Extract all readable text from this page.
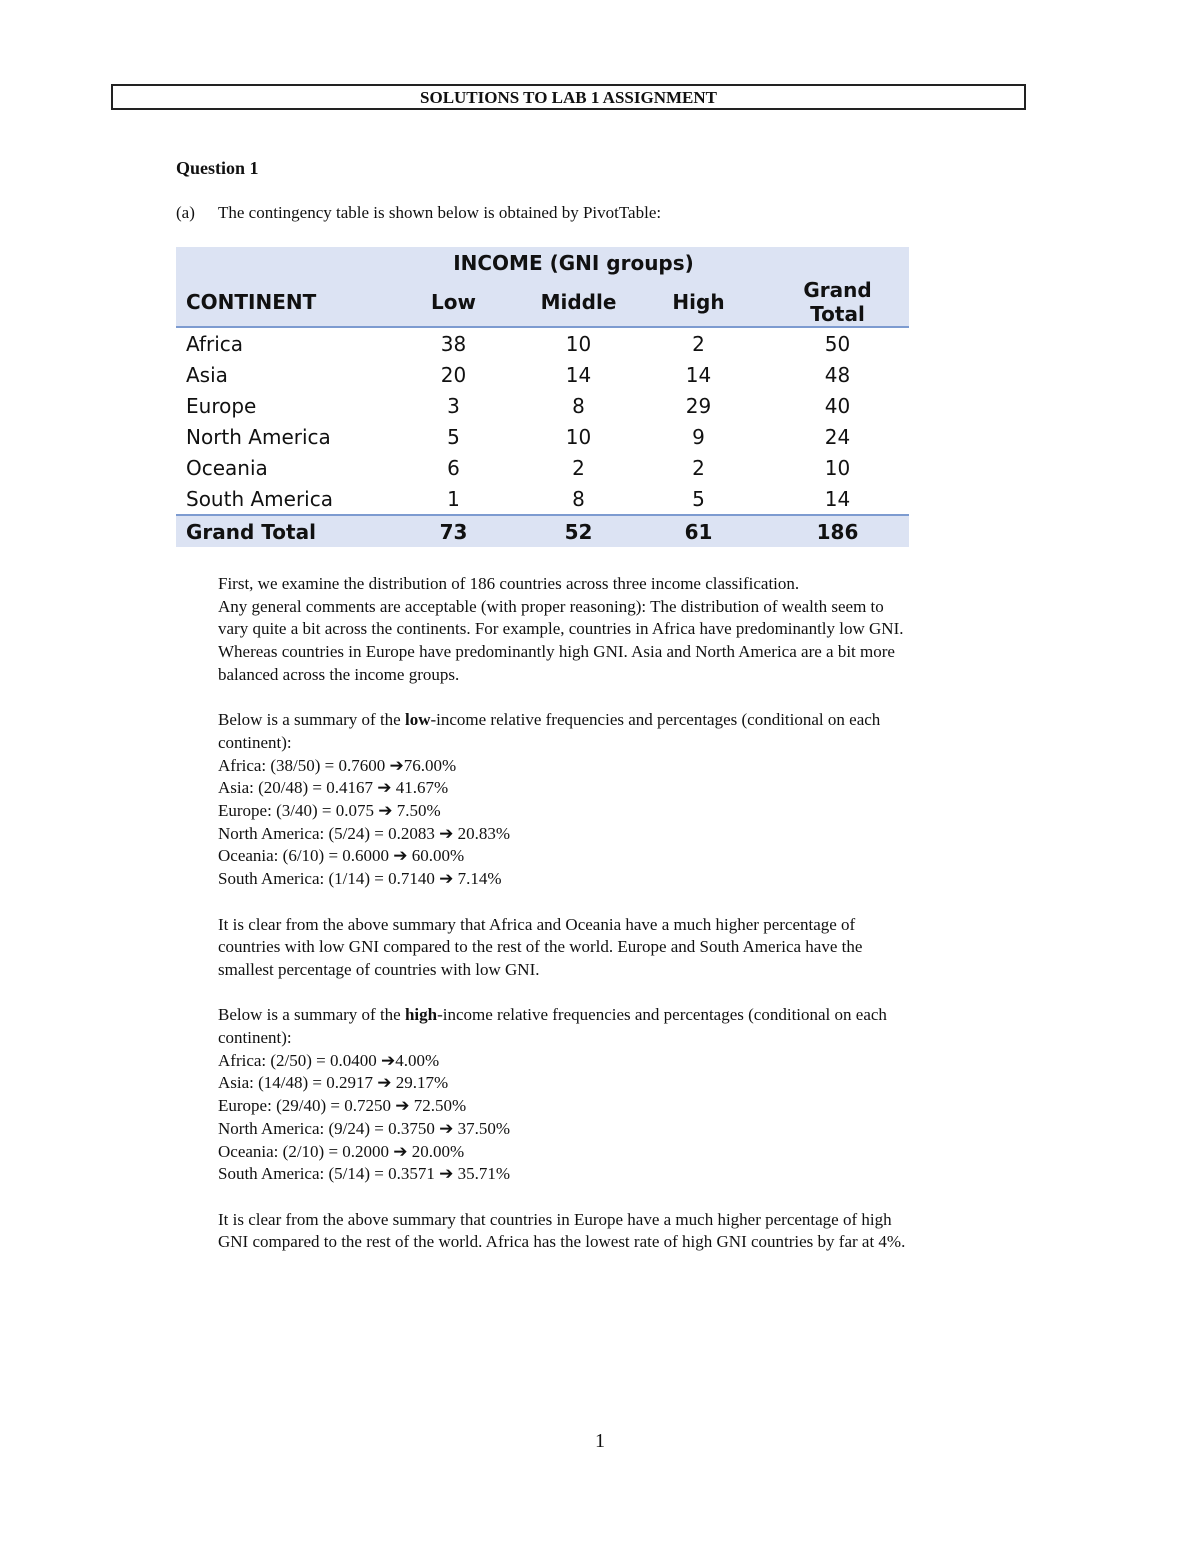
SOLUTIONS TO LAB 1 ASSIGNMENT
Question 1
(a) The contingency table is shown below is obtained by PivotTable:
	INCOME (GNI groups)			
CONTINENT	Low	Middle	High	Grand Total
Africa	38	10	2	50
Asia	20	14	14	48
Europe	3	8	29	40
North America	5	10	9	24
Oceania	6	2	2	10
South America	1	8	5	14
Grand Total	73	52	61	186

First, we examine the distribution of 186 countries across three income classification.

Any general comments are acceptable (with proper reasoning): The distribution of wealth seem to

vary quite a bit across the continents. For example, countries in Africa have predominantly low GNI.

Whereas countries in Europe have predominantly high GNI. Asia and North America are a bit more

balanced across the income groups.

Below is a summary of the low-income relative frequencies and percentages (conditional on each

continent):

Africa: (38/50) = 0.7600 ➔76.00%

Asia: (20/48) = 0.4167 ➔ 41.67%

Europe: (3/40) = 0.075 ➔ 7.50%

North America: (5/24) = 0.2083 ➔ 20.83%

Oceania: (6/10) = 0.6000 ➔ 60.00%

South America: (1/14) = 0.7140 ➔ 7.14%

It is clear from the above summary that Africa and Oceania have a much higher percentage of

countries with low GNI compared to the rest of the world. Europe and South America have the

smallest percentage of countries with low GNI.

Below is a summary of the high-income relative frequencies and percentages (conditional on each

continent):

Africa: (2/50) = 0.0400 ➔4.00%

Asia: (14/48) = 0.2917 ➔ 29.17%

Europe: (29/40) = 0.7250 ➔ 72.50%

North America: (9/24) = 0.3750 ➔ 37.50%

Oceania: (2/10) = 0.2000 ➔ 20.00%

South America: (5/14) = 0.3571 ➔ 35.71%

It is clear from the above summary that countries in Europe have a much higher percentage of high

GNI compared to the rest of the world. Africa has the lowest rate of high GNI countries by far at 4%.

1
